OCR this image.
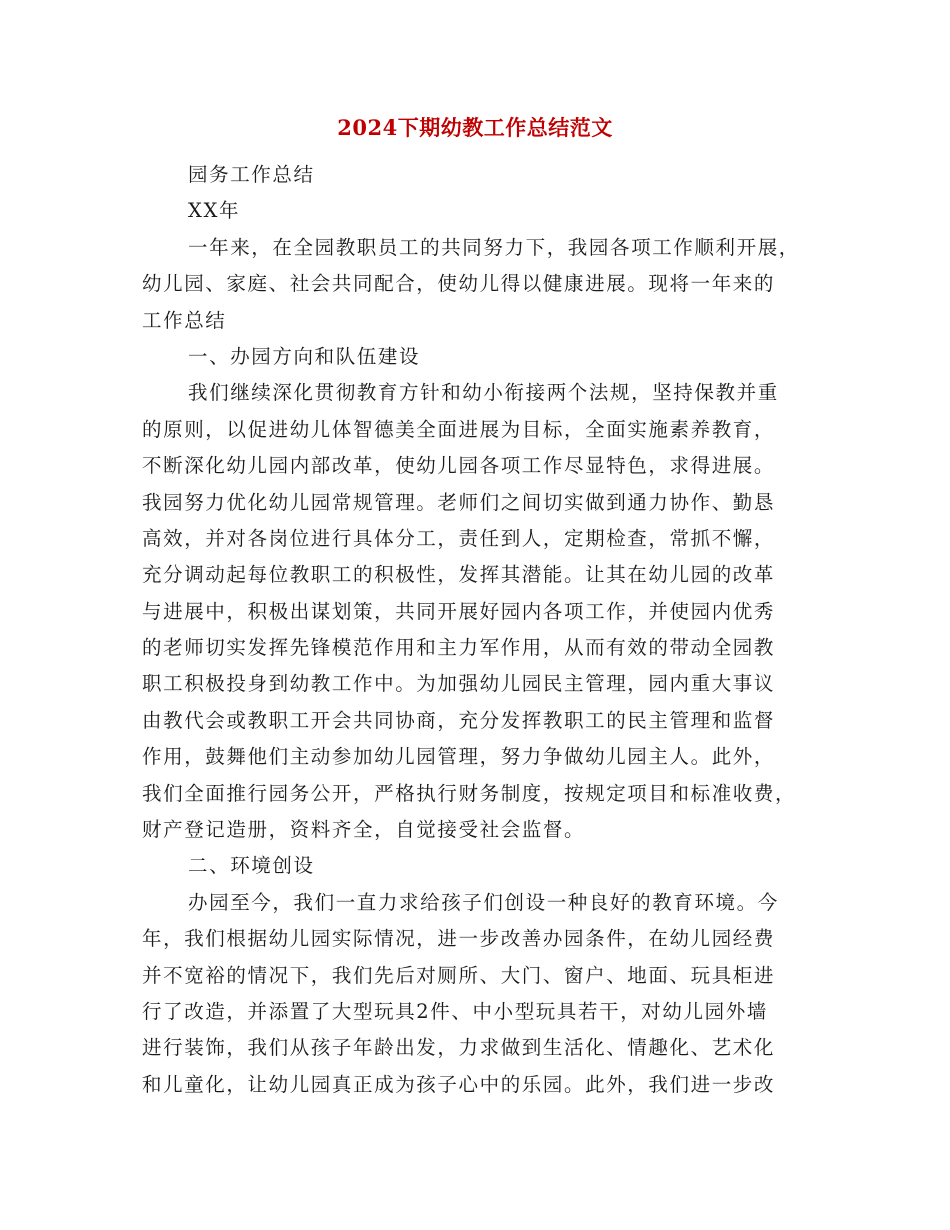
2024下期幼教工作总结范文
园务工作总结
XX年
一年来，在全园教职员工的共同努力下，我园各项工作顺利开展，
幼儿园、家庭、社会共同配合，使幼儿得以健康进展。现将一年来的
工作总结
一、办园方向和队伍建设
我们继续深化贯彻教育方针和幼小衔接两个法规，坚持保教并重
的原则，以促进幼儿体智德美全面进展为目标，全面实施素养教育，
不断深化幼儿园内部改革，使幼儿园各项工作尽显特色，求得进展。
我园努力优化幼儿园常规管理。老师们之间切实做到通力协作、勤恳
高效，并对各岗位进行具体分工，责任到人，定期检查，常抓不懈，
充分调动起每位教职工的积极性，发挥其潜能。让其在幼儿园的改革
与进展中，积极出谋划策，共同开展好园内各项工作，并使园内优秀
的老师切实发挥先锋模范作用和主力军作用，从而有效的带动全园教
职工积极投身到幼教工作中。为加强幼儿园民主管理，园内重大事议
由教代会或教职工开会共同协商，充分发挥教职工的民主管理和监督
作用，鼓舞他们主动参加幼儿园管理，努力争做幼儿园主人。此外，
我们全面推行园务公开，严格执行财务制度，按规定项目和标准收费，
财产登记造册，资料齐全，自觉接受社会监督。
二、环境创设
办园至今，我们一直力求给孩子们创设一种良好的教育环境。今
年，我们根据幼儿园实际情况，进一步改善办园条件，在幼儿园经费
并不宽裕的情况下，我们先后对厕所、大门、窗户、地面、玩具柜进
行了改造，并添置了大型玩具2件、中小型玩具若干，对幼儿园外墙
进行装饰，我们从孩子年龄出发，力求做到生活化、情趣化、艺术化
和儿童化，让幼儿园真正成为孩子心中的乐园。此外，我们进一步改
